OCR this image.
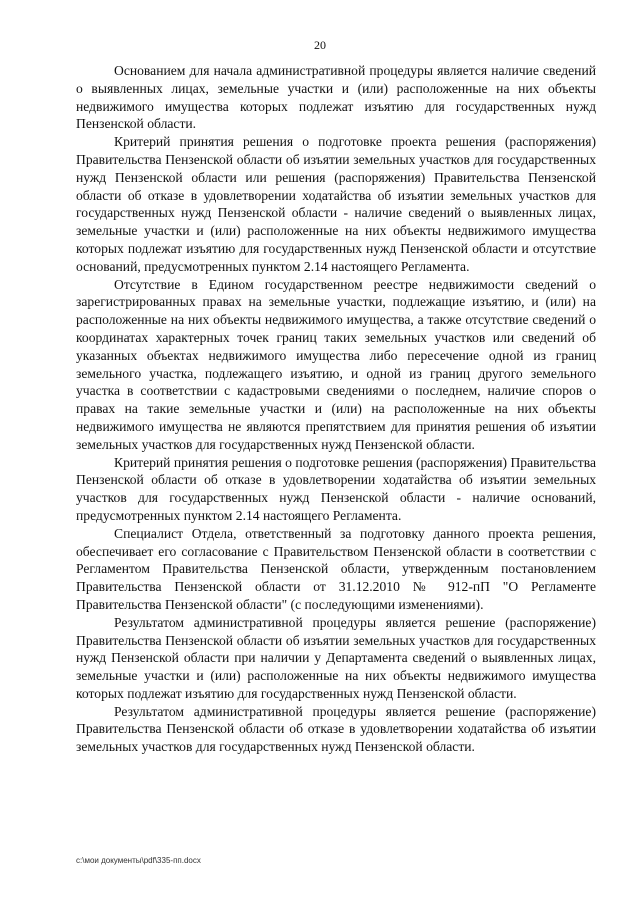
20

Основанием для начала административной процедуры является наличие сведений о выявленных лицах, земельные участки и (или) расположенные на них объекты недвижимого имущества которых подлежат изъятию для государственных нужд Пензенской области.

Критерий принятия решения о подготовке проекта решения (распоряжения) Правительства Пензенской области об изъятии земельных участков для государственных нужд Пензенской области или решения (распоряжения) Правительства Пензенской области об отказе в удовлетворении ходатайства об изъятии земельных участков для государственных нужд Пензенской области - наличие сведений о выявленных лицах, земельные участки и (или) расположенные на них объекты недвижимого имущества которых подлежат изъятию для государственных нужд Пензенской области и отсутствие оснований, предусмотренных пунктом 2.14 настоящего Регламента.

Отсутствие в Едином государственном реестре недвижимости сведений о зарегистрированных правах на земельные участки, подлежащие изъятию, и (или) на расположенные на них объекты недвижимого имущества, а также отсутствие сведений о координатах характерных точек границ таких земельных участков или сведений об указанных объектах недвижимого имущества либо пересечение одной из границ земельного участка, подлежащего изъятию, и одной из границ другого земельного участка в соответствии с кадастровыми сведениями о последнем, наличие споров о правах на такие земельные участки и (или) на расположенные на них объекты недвижимого имущества не являются препятствием для принятия решения об изъятии земельных участков для государственных нужд Пензенской области.

Критерий принятия решения о подготовке решения (распоряжения) Правительства Пензенской области об отказе в удовлетворении ходатайства об изъятии земельных участков для государственных нужд Пензенской области - наличие оснований, предусмотренных пунктом 2.14 настоящего Регламента.

Специалист Отдела, ответственный за подготовку данного проекта решения, обеспечивает его согласование с Правительством Пензенской области в соответствии с Регламентом Правительства Пензенской области, утвержденным постановлением Правительства Пензенской области от 31.12.2010 № 912-пП "О Регламенте Правительства Пензенской области" (с последующими изменениями).

Результатом административной процедуры является решение (распоряжение) Правительства Пензенской области об изъятии земельных участков для государственных нужд Пензенской области при наличии у Департамента сведений о выявленных лицах, земельные участки и (или) расположенные на них объекты недвижимого имущества которых подлежат изъятию для государственных нужд Пензенской области.

Результатом административной процедуры является решение (распоряжение) Правительства Пензенской области об отказе в удовлетворении ходатайства об изъятии земельных участков для государственных нужд Пензенской области.

c:\мои документы\pdf\335-пп.docx
